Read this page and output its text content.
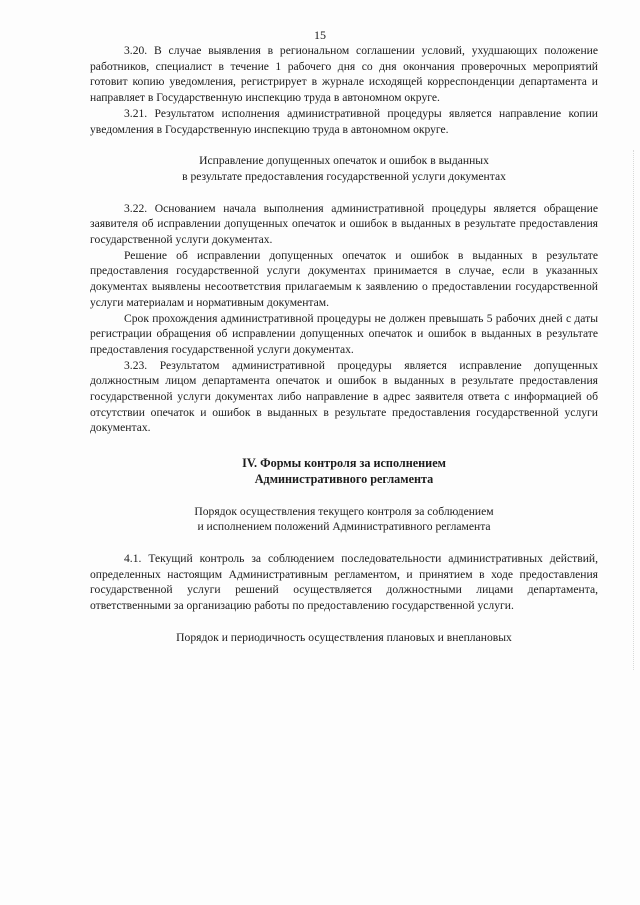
15

3.20. В случае выявления в региональном соглашении условий, ухудшающих положение работников, специалист в течение 1 рабочего дня со дня окончания проверочных мероприятий готовит копию уведомления, регистрирует в журнале исходящей корреспонденции департамента и направляет в Государственную инспекцию труда в автономном округе.

3.21. Результатом исполнения административной процедуры является направление копии уведомления в Государственную инспекцию труда в автономном округе.

Исправление допущенных опечаток и ошибок в выданных
в результате предоставления государственной услуги документах

3.22. Основанием начала выполнения административной процедуры является обращение заявителя об исправлении допущенных опечаток и ошибок в выданных в результате предоставления государственной услуги документах.

Решение об исправлении допущенных опечаток и ошибок в выданных в результате предоставления государственной услуги документах принимается в случае, если в указанных документах выявлены несоответствия прилагаемым к заявлению о предоставлении государственной услуги материалам и нормативным документам.

Срок прохождения административной процедуры не должен превышать 5 рабочих дней с даты регистрации обращения об исправлении допущенных опечаток и ошибок в выданных в результате предоставления государственной услуги документах.

3.23. Результатом административной процедуры является исправление допущенных должностным лицом департамента опечаток и ошибок в выданных в результате предоставления государственной услуги документах либо направление в адрес заявителя ответа с информацией об отсутствии опечаток и ошибок в выданных в результате предоставления государственной услуги документах.

IV. Формы контроля за исполнением
Административного регламента
Порядок осуществления текущего контроля за соблюдением
и исполнением положений Административного регламента

4.1. Текущий контроль за соблюдением последовательности административных действий, определенных настоящим Административным регламентом, и принятием в ходе предоставления государственной услуги решений осуществляется должностными лицами департамента, ответственными за организацию работы по предоставлению государственной услуги.

Порядок и периодичность осуществления плановых и внеплановых
